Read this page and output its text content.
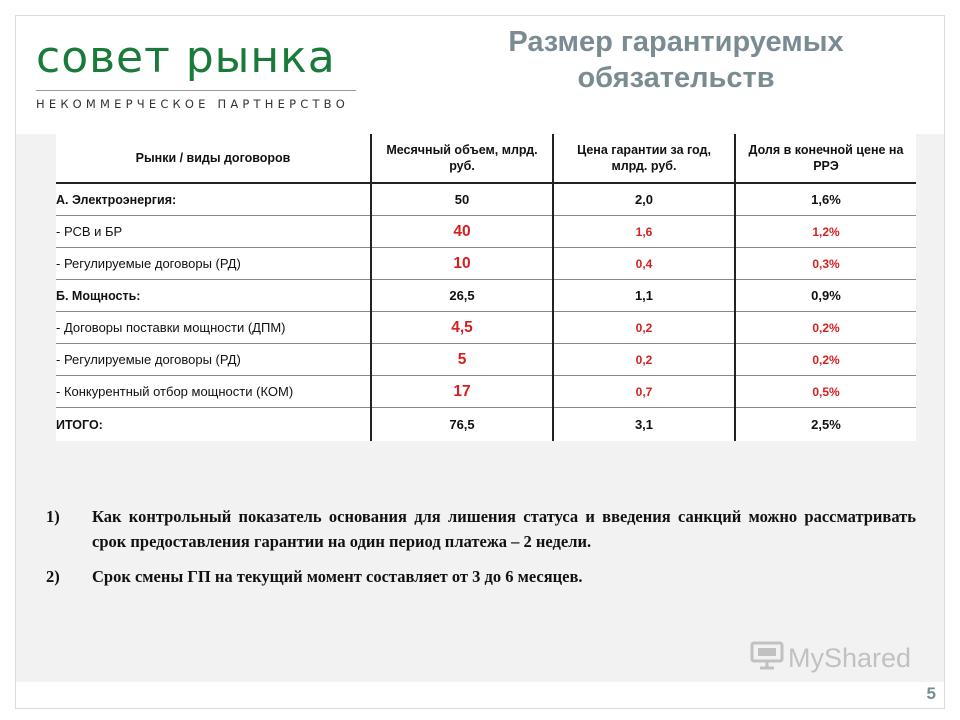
совет рынка
НЕКОММЕРЧЕСКОЕ ПАРТНЕРСТВО
Размер гарантируемых обязательств
Рынки / виды договоров	Месячный объем, млрд. руб.	Цена гарантии за год, млрд. руб.	Доля в конечной цене на РРЭ
А. Электроэнергия:	50	2,0	1,6%
- РСВ и БР	40	1,6	1,2%
- Регулируемые договоры (РД)	10	0,4	0,3%
Б. Мощность:	26,5	1,1	0,9%
- Договоры поставки мощности (ДПМ)	4,5	0,2	0,2%
- Регулируемые договоры (РД)	5	0,2	0,2%
- Конкурентный отбор мощности (КОМ)	17	0,7	0,5%
ИТОГО:	76,5	3,1	2,5%
1)	Как контрольный показатель основания для лишения статуса и введения санкций можно рассматривать срок предоставления гарантии на один период платежа – 2 недели.
2)	Срок смены ГП на текущий момент составляет от 3 до 6 месяцев.
5
MyShared
